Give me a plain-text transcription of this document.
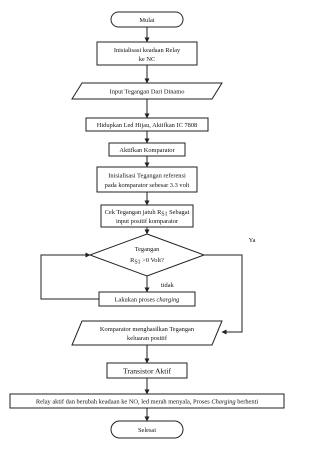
Mulai
Inisialisasi keadaan Relay
ke NC
Input Tegangan Dari Dinamo
Hidupkan Led Hijau, Aktifkan IC 7808
Aktifkan Komparator
Inisialisasi Tegangan referensi
pada komparator sebesar 3.3 volt
Cek Tegangan jatuh RS1 Sebagai
input positif komparator
Tegangan
RS1 >0 Volt?
Ya
tidak
Lakukan proses charging
Komparator menghasilkan Tegangan
keluaran positif
Transistor Aktif
Relay aktif dan berubah keadaan ke NO, led merah menyala, Proses Charging berhenti
Selesai
